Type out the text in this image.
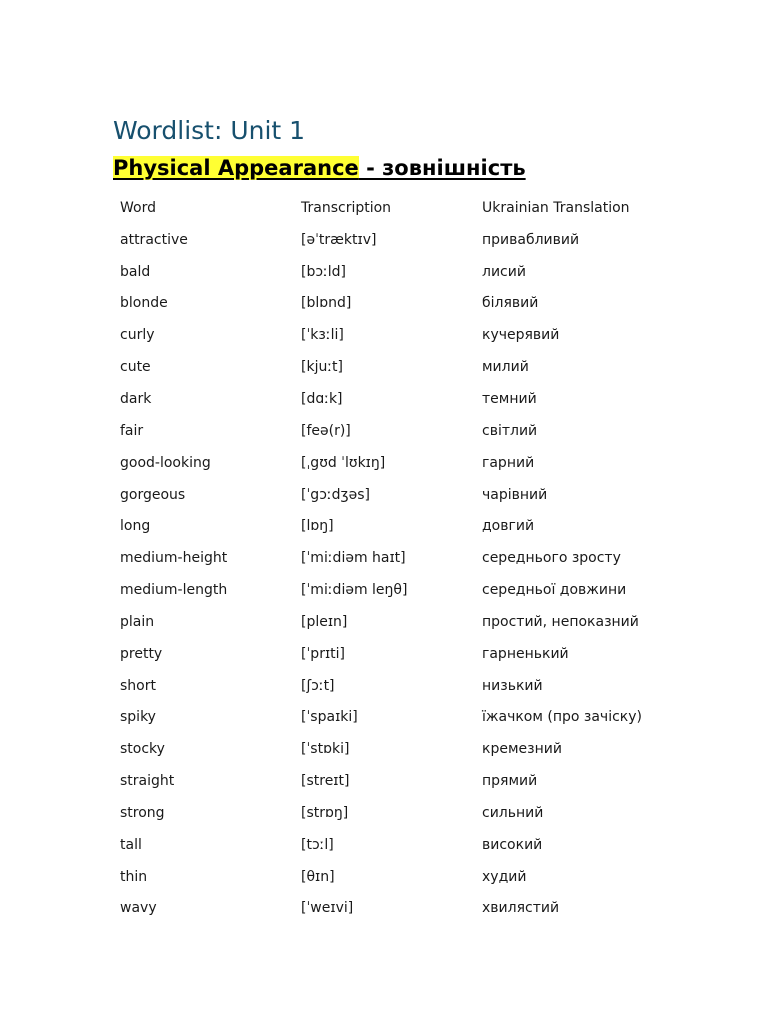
Wordlist: Unit 1
Physical Appearance - зовнішність
Word	Transcription	Ukrainian Translation
attractive	[əˈtræktɪv]	привабливий
bald	[bɔːld]	лисий
blonde	[blɒnd]	білявий
curly	[ˈkɜːli]	кучерявий
cute	[kjuːt]	милий
dark	[dɑːk]	темний
fair	[feə(r)]	світлий
good-looking	[ˌgʊd ˈlʊkɪŋ]	гарний
gorgeous	[ˈgɔːdʒəs]	чарівний
long	[lɒŋ]	довгий
medium-height	[ˈmiːdiəm haɪt]	середнього зросту
medium-length	[ˈmiːdiəm leŋθ]	середньої довжини
plain	[pleɪn]	простий, непоказний
pretty	[ˈprɪti]	гарненький
short	[ʃɔːt]	низький
spiky	[ˈspaɪki]	їжачком (про зачіску)
stocky	[ˈstɒki]	кремезний
straight	[streɪt]	прямий
strong	[strɒŋ]	сильний
tall	[tɔːl]	високий
thin	[θɪn]	худий
wavy	[ˈweɪvi]	хвилястий
